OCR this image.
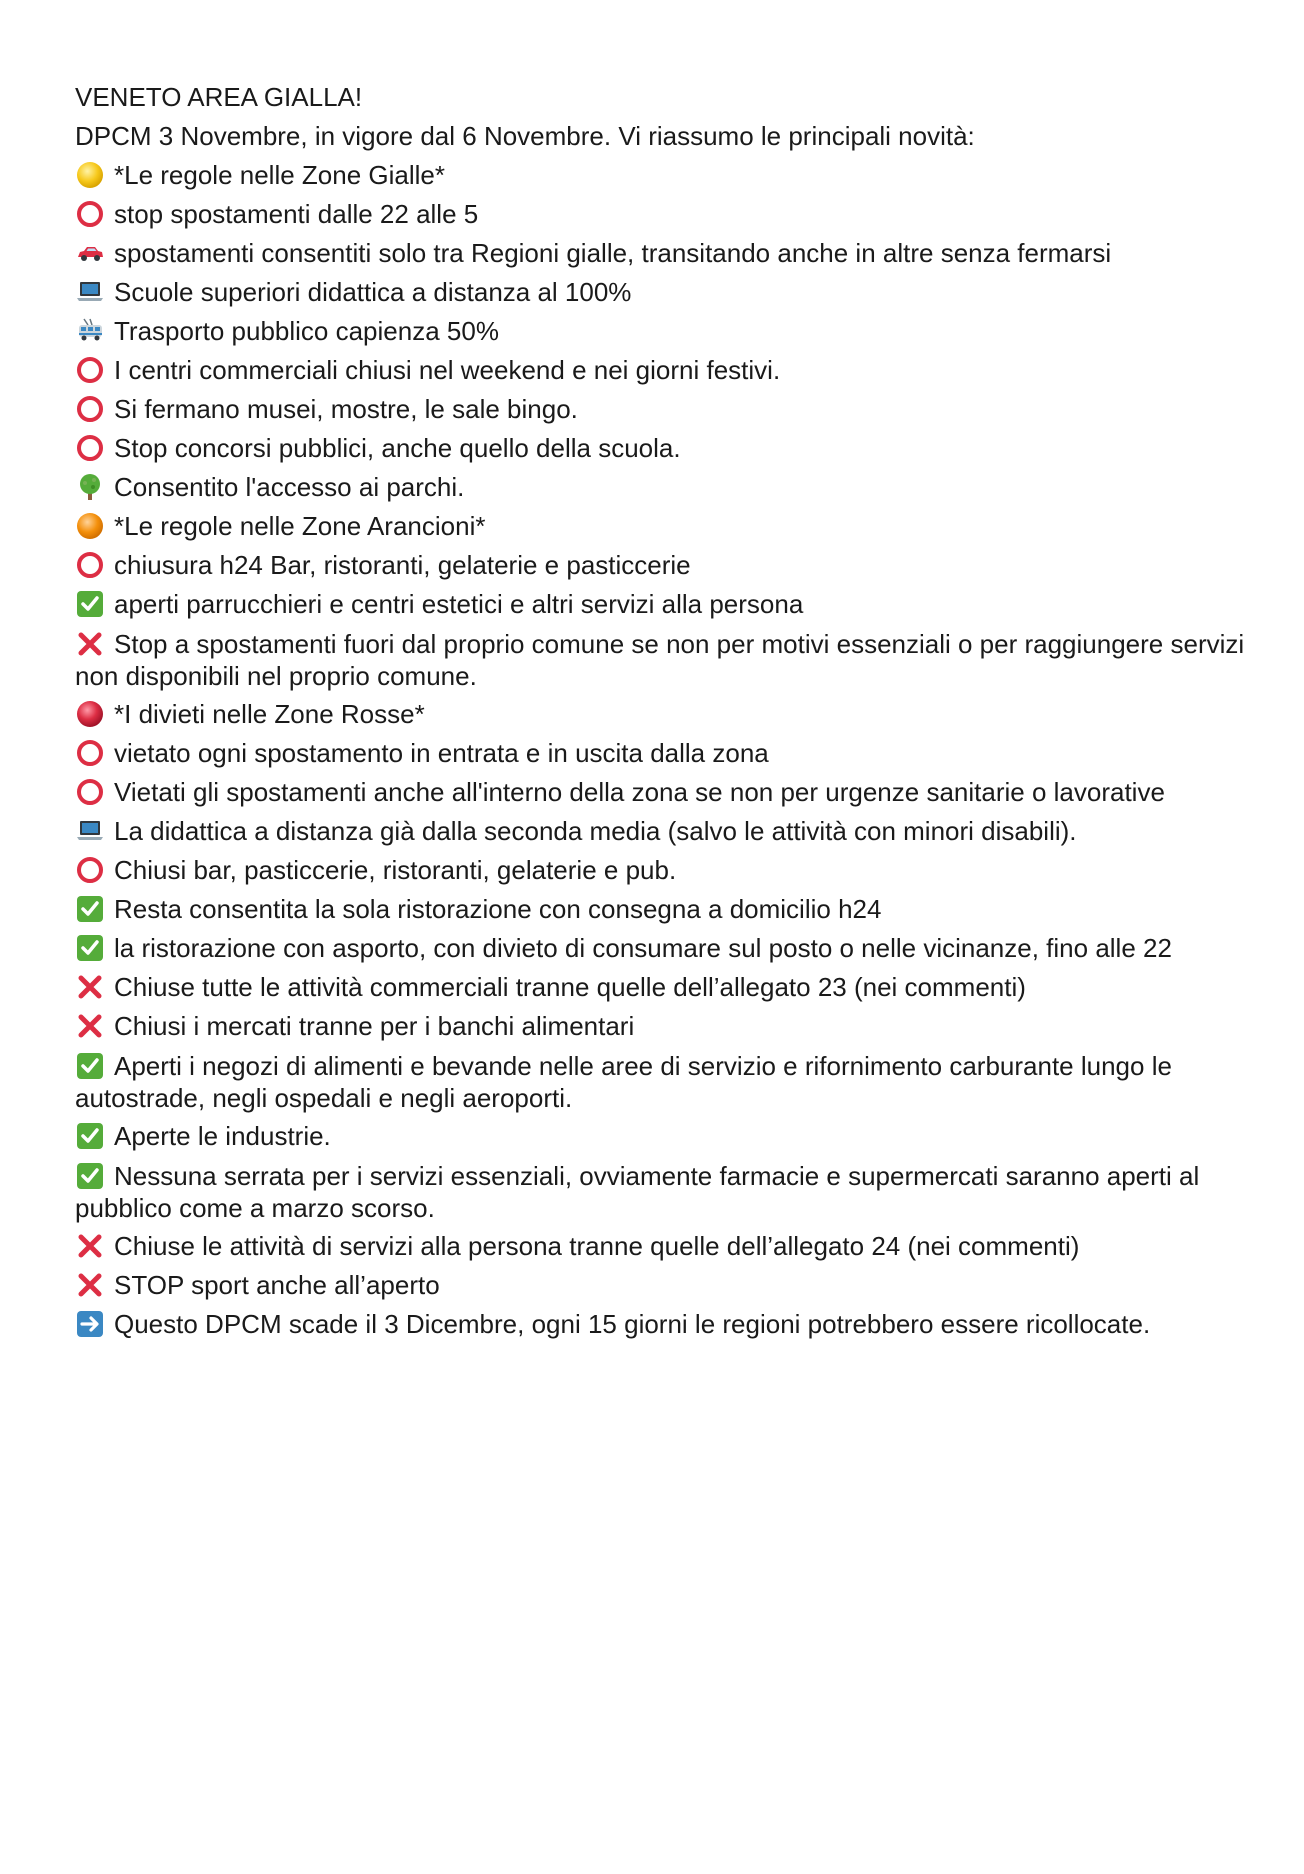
VENETO AREA GIALLA!
DPCM 3 Novembre, in vigore dal 6 Novembre. Vi riassumo le principali novità:
*Le regole nelle Zone Gialle*
stop spostamenti dalle 22 alle 5
spostamenti consentiti solo tra Regioni gialle, transitando anche in altre senza fermarsi
Scuole superiori didattica a distanza al 100%
Trasporto pubblico capienza 50%
I centri commerciali chiusi nel weekend e nei giorni festivi.
Si fermano musei, mostre, le sale bingo.
Stop concorsi pubblici, anche quello della scuola.
Consentito l'accesso ai parchi.
*Le regole nelle Zone Arancioni*
chiusura h24 Bar, ristoranti, gelaterie e pasticcerie
aperti parrucchieri e centri estetici e altri servizi alla persona
Stop a spostamenti fuori dal proprio comune se non per motivi essenziali o per raggiungere servizi non disponibili nel proprio comune.
*I divieti nelle Zone Rosse*
vietato ogni spostamento in entrata e in uscita dalla zona
Vietati gli spostamenti anche all'interno della zona se non per urgenze sanitarie o lavorative
La didattica a distanza già dalla seconda media (salvo le attività con minori disabili).
Chiusi bar, pasticcerie, ristoranti, gelaterie e pub.
Resta consentita la sola ristorazione con consegna a domicilio h24
la ristorazione con asporto, con divieto di consumare sul posto o nelle vicinanze, fino alle 22
Chiuse tutte le attività commerciali tranne quelle dell’allegato 23 (nei commenti)
Chiusi i mercati tranne per i banchi alimentari
Aperti i negozi di alimenti e bevande nelle aree di servizio e rifornimento carburante lungo le autostrade, negli ospedali e negli aeroporti.
Aperte le industrie.
Nessuna serrata per i servizi essenziali, ovviamente farmacie e supermercati saranno aperti al pubblico come a marzo scorso.
Chiuse le attività di servizi alla persona tranne quelle dell’allegato 24 (nei commenti)
STOP sport anche all’aperto
Questo DPCM scade il 3 Dicembre, ogni 15 giorni le regioni potrebbero essere ricollocate.
